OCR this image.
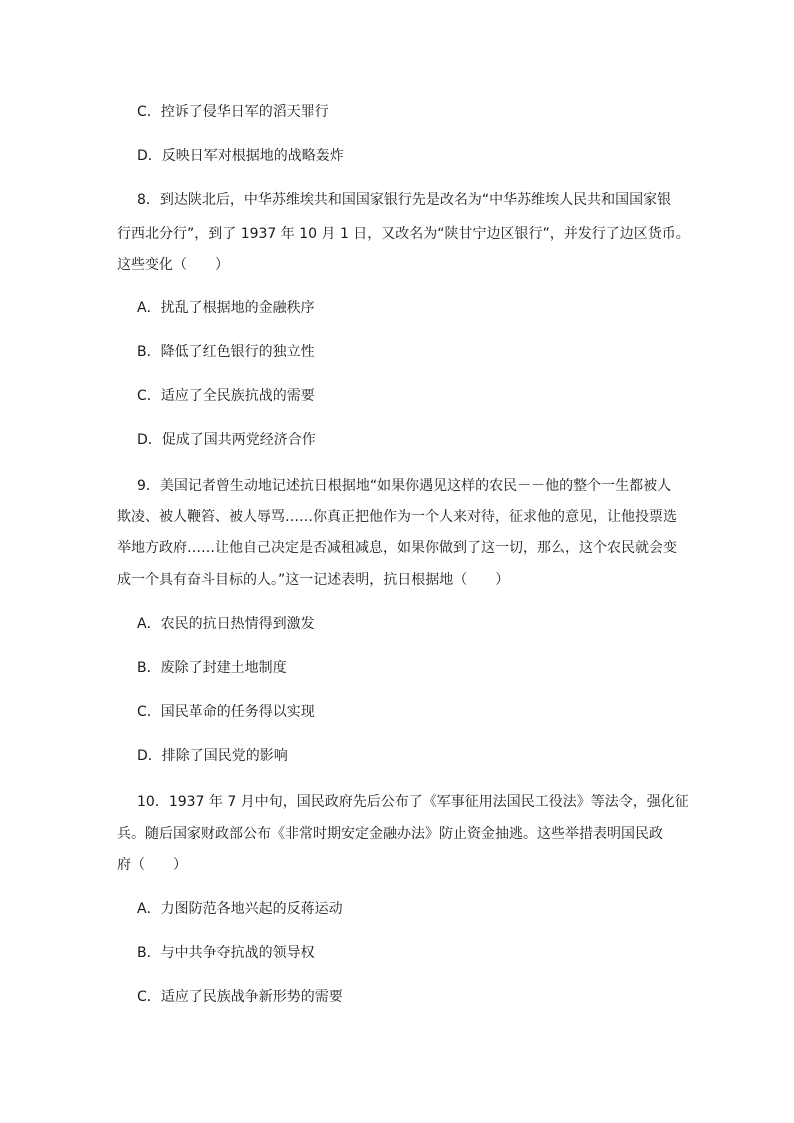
C．控诉了侵华日军的滔天罪行
D．反映日军对根据地的战略轰炸
8．到达陕北后，中华苏维埃共和国国家银行先是改名为“中华苏维埃人民共和国国家银
行西北分行”，到了 1937 年 10 月 1 日，又改名为“陕甘宁边区银行”，并发行了边区货币。
这些变化（　　）
A．扰乱了根据地的金融秩序
B．降低了红色银行的独立性
C．适应了全民族抗战的需要
D．促成了国共两党经济合作
9．美国记者曾生动地记述抗日根据地“如果你遇见这样的农民－－他的整个一生都被人
欺凌、被人鞭笞、被人辱骂……你真正把他作为一个人来对待，征求他的意见，让他投票选
举地方政府……让他自己决定是否减租减息，如果你做到了这一切，那么，这个农民就会变
成一个具有奋斗目标的人。”这一记述表明，抗日根据地（　　）
A．农民的抗日热情得到激发
B．废除了封建土地制度
C．国民革命的任务得以实现
D．排除了国民党的影响
10．1937 年 7 月中旬，国民政府先后公布了《军事征用法国民工役法》等法令，强化征
兵。随后国家财政部公布《非常时期安定金融办法》防止资金抽逃。这些举措表明国民政
府（　　）
A．力图防范各地兴起的反蒋运动
B．与中共争夺抗战的领导权
C．适应了民族战争新形势的需要
